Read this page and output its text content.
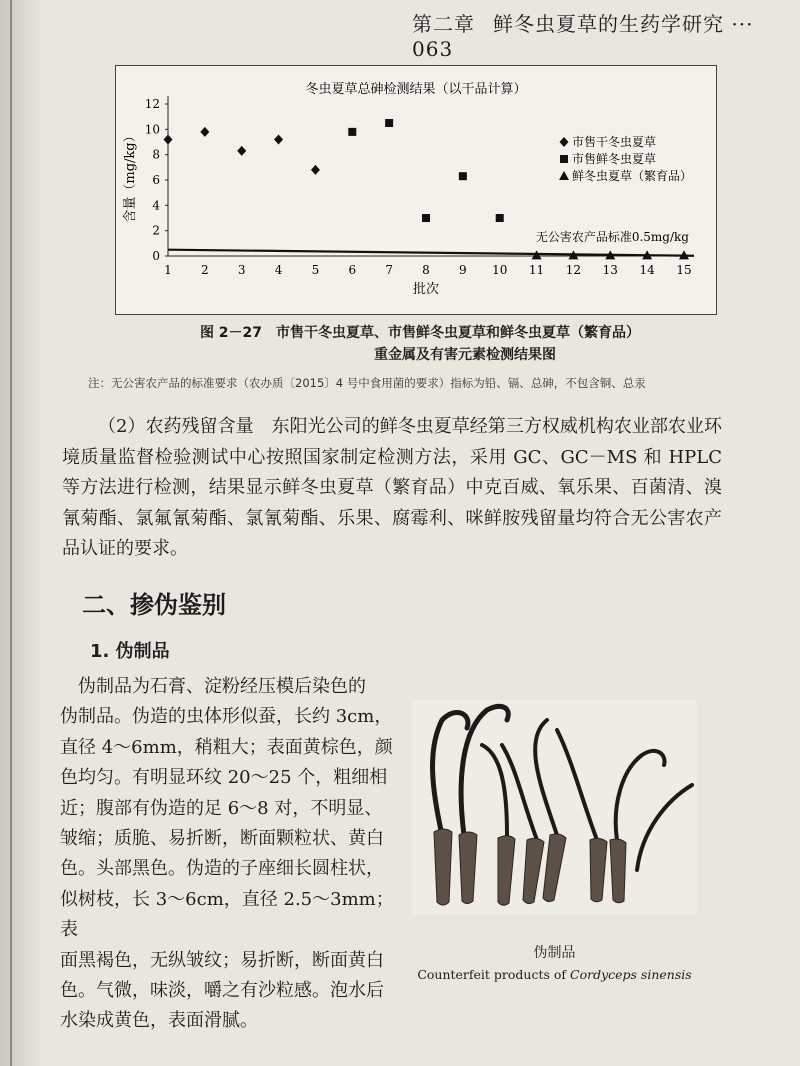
第二章 鲜冬虫夏草的生药学研究 ··· 063
冬虫夏草总砷检测结果（以干品计算）
0
2
4
6
8
10
12
1 2 3 4 5 6 7 8 9 10 11 12 13 14 15
批次
含量（mg/kg）
无公害农产品标准0.5mg/kg
市售干冬虫夏草
市售鲜冬虫夏草
鲜冬虫夏草（繁育品）
图 2－27 市售干冬虫夏草、市售鲜冬虫夏草和鲜冬虫夏草（繁育品）
重金属及有害元素检测结果图
注：无公害农产品的标准要求（农办质〔2015〕4 号中食用菌的要求）指标为铅、镉、总砷，不包含铜、总汞

（2）农药残留含量　东阳光公司的鲜冬虫夏草经第三方权威机构农业部农业环境质量监督检验测试中心按照国家制定检测方法，采用 GC、GC－MS 和 HPLC 等方法进行检测，结果显示鲜冬虫夏草（繁育品）中克百威、氧乐果、百菌清、溴氰菊酯、氯氟氰菊酯、氯氰菊酯、乐果、腐霉利、咪鲜胺残留量均符合无公害农产品认证的要求。

二、掺伪鉴别
1. 伪制品

　伪制品为石膏、淀粉经压模后染色的

伪制品。伪造的虫体形似蚕，长约 3cm，

直径 4～6mm，稍粗大；表面黄棕色，颜

色均匀。有明显环纹 20～25 个，粗细相

近；腹部有伪造的足 6～8 对，不明显、

皱缩；质脆、易折断，断面颗粒状、黄白

色。头部黑色。伪造的子座细长圆柱状，

似树枝，长 3～6cm，直径 2.5～3mm；表

面黑褐色，无纵皱纹；易折断，断面黄白

色。气微，味淡，嚼之有沙粒感。泡水后

水染成黄色，表面滑腻。

伪制品
Counterfeit products of Cordyceps sinensis
